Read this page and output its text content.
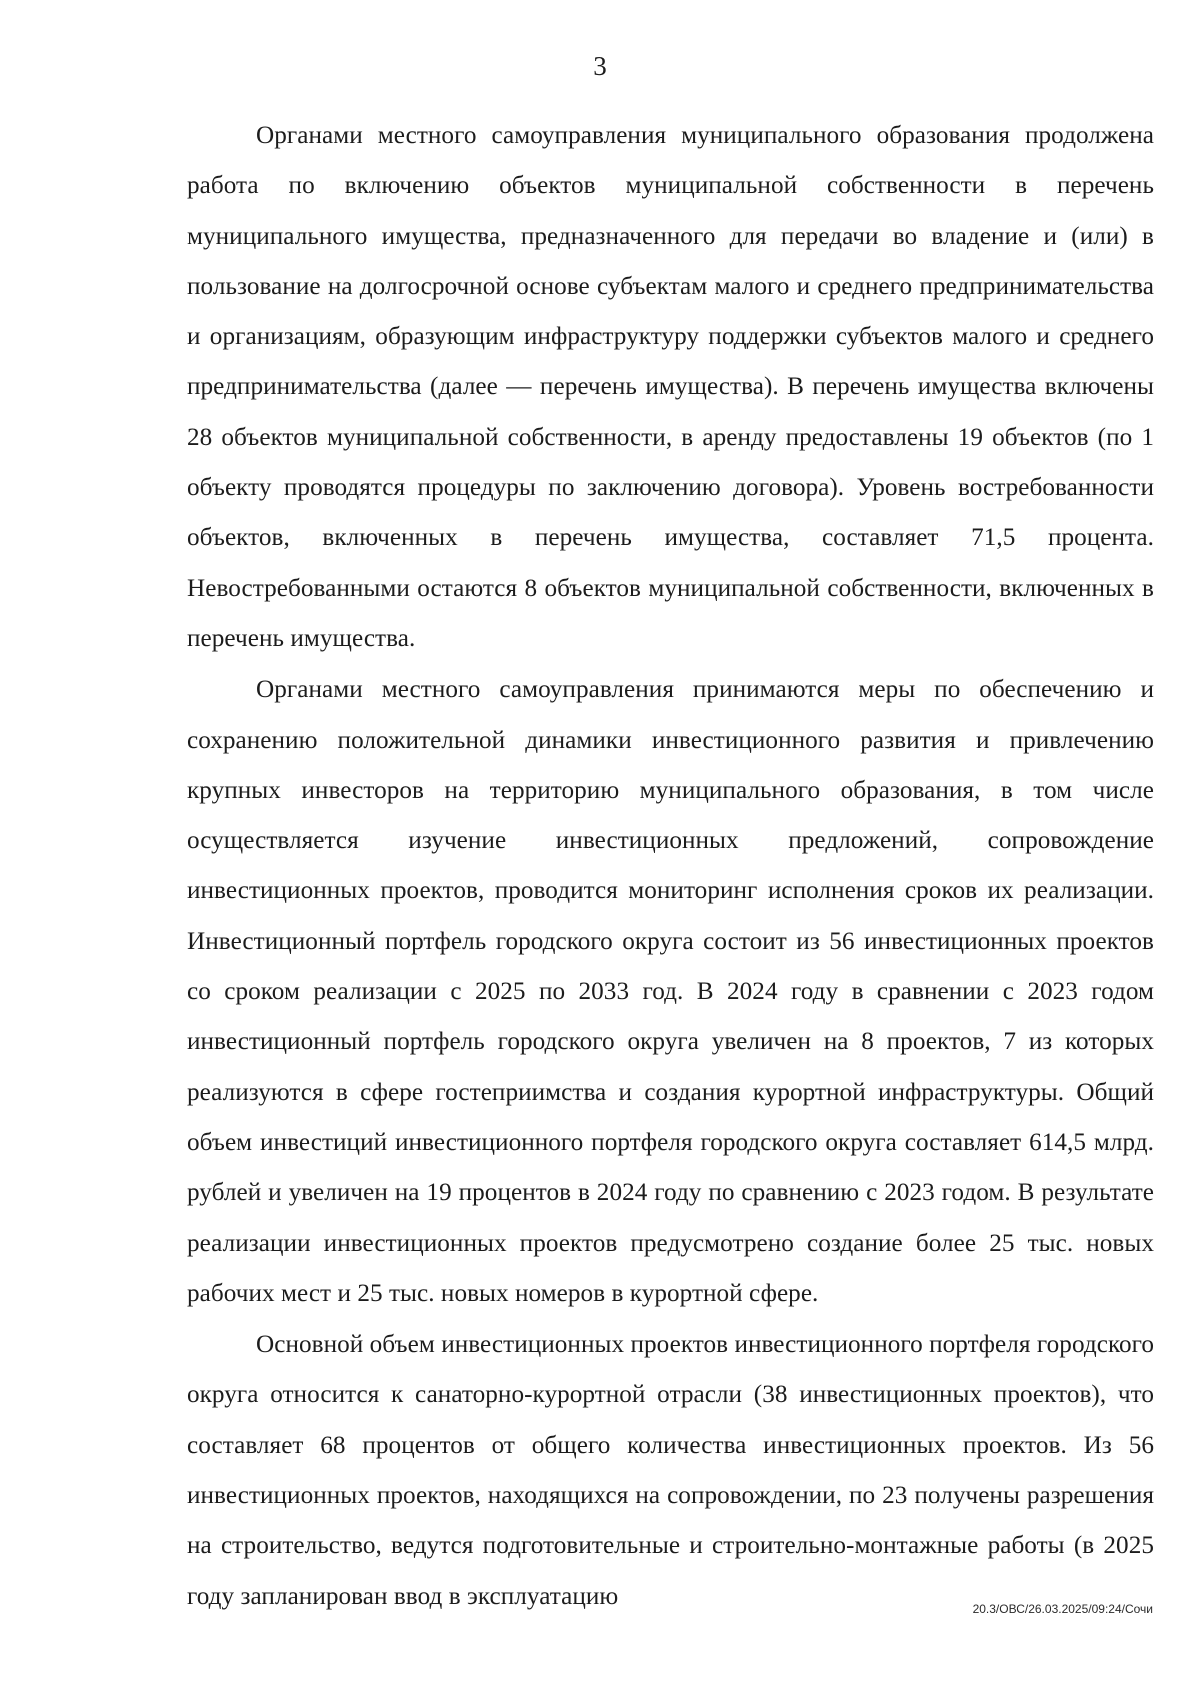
3

Органами местного самоуправления муниципального образования продолжена работа по включению объектов муниципальной собственности в перечень муниципального имущества, предназначенного для передачи во владение и (или) в пользование на долгосрочной основе субъектам малого и среднего предпринимательства и организациям, образующим инфраструктуру поддержки субъектов малого и среднего предпринимательства (далее — перечень имущества). В перечень имущества включены 28 объектов муниципальной собственности, в аренду предоставлены 19 объектов (по 1 объекту проводятся процедуры по заключению договора). Уровень востребованности объектов, включенных в перечень имущества, составляет 71,5 процента. Невостребованными остаются 8 объектов муниципальной собственности, включенных в перечень имущества.

Органами местного самоуправления принимаются меры по обеспечению и сохранению положительной динамики инвестиционного развития и привлечению крупных инвесторов на территорию муниципального образования, в том числе осуществляется изучение инвестиционных предложений, сопровождение инвестиционных проектов, проводится мониторинг исполнения сроков их реализации. Инвестиционный портфель городского округа состоит из 56 инвестиционных проектов со сроком реализации с 2025 по 2033 год. В 2024 году в сравнении с 2023 годом инвестиционный портфель городского округа увеличен на 8 проектов, 7 из которых реализуются в сфере гостеприимства и создания курортной инфраструктуры. Общий объем инвестиций инвестиционного портфеля городского округа составляет 614,5 млрд. рублей и увеличен на 19 процентов в 2024 году по сравнению с 2023 годом. В результате реализации инвестиционных проектов предусмотрено создание более 25 тыс. новых рабочих мест и 25 тыс. новых номеров в курортной сфере.

Основной объем инвестиционных проектов инвестиционного портфеля городского округа относится к санаторно-курортной отрасли (38 инвестиционных проектов), что составляет 68 процентов от общего количества инвестиционных проектов. Из 56 инвестиционных проектов, находящихся на сопровождении, по 23 получены разрешения на строительство, ведутся подготовительные и строительно-монтажные работы (в 2025 году запланирован ввод в эксплуатацию	20.3/ОВС/26.03.2025/09:24/Сочи
